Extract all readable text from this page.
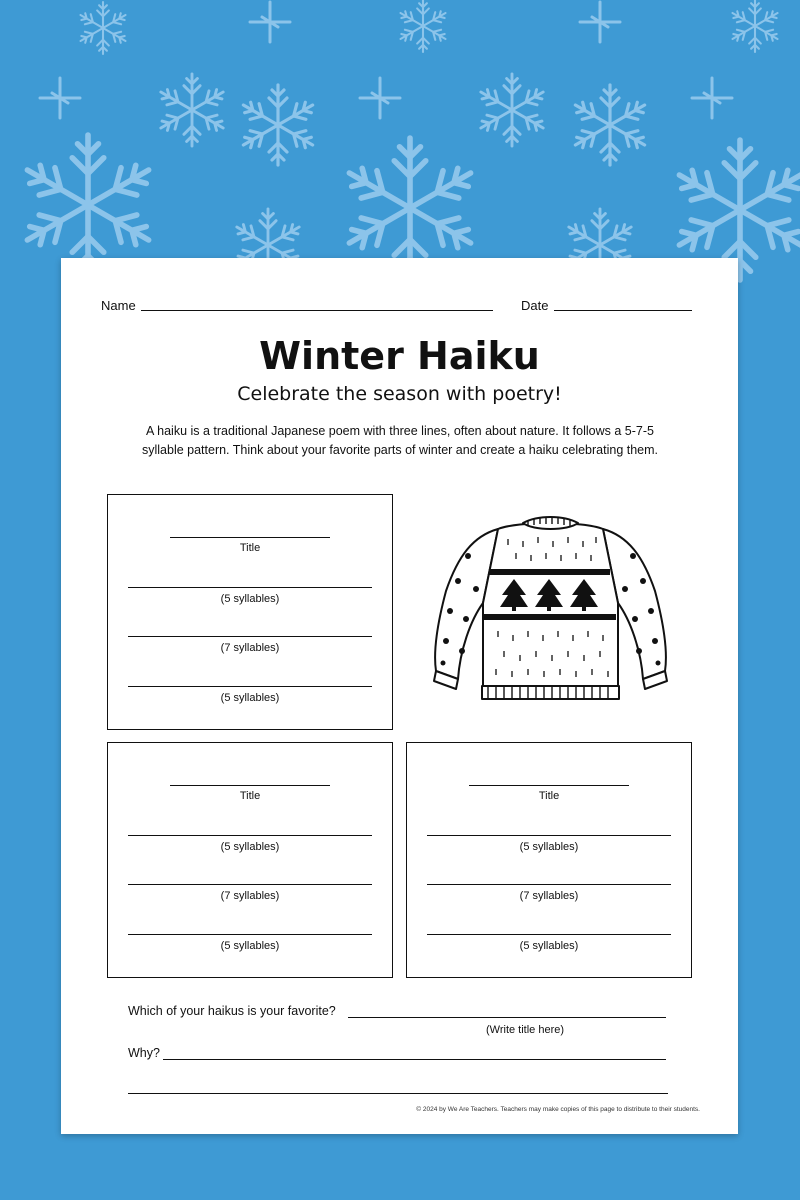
Name	Date
Winter Haiku
Celebrate the season with poetry!
A haiku is a traditional Japanese poem with three lines, often about nature. It follows a 5-7-5 syllable pattern. Think about your favorite parts of winter and create a haiku celebrating them.
Title
(5 syllables)
(7 syllables)
(5 syllables)
Title
(5 syllables)
(7 syllables)
(5 syllables)
Title
(5 syllables)
(7 syllables)
(5 syllables)
Which of your haikus is your favorite?
(Write title here)
Why?
© 2024 by We Are Teachers. Teachers may make copies of this page to distribute to their students.
